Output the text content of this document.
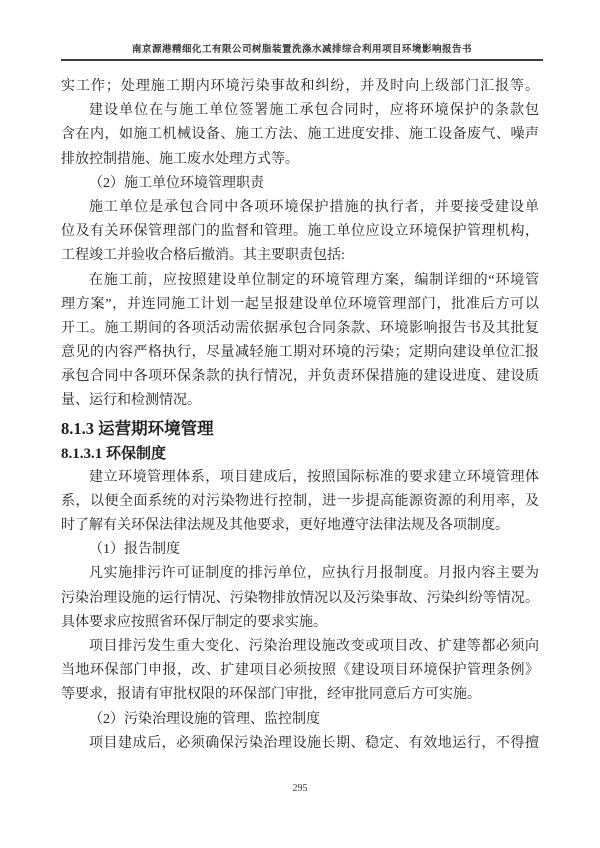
南京源港精细化工有限公司树脂装置洗涤水减排综合利用项目环境影响报告书
实工作；处理施工期内环境污染事故和纠纷，并及时向上级部门汇报等。
建设单位在与施工单位签署施工承包合同时，应将环境保护的条款包
含在内，如施工机械设备、施工方法、施工进度安排、施工设备废气、噪声
排放控制措施、施工废水处理方式等。
（2）施工单位环境管理职责
施工单位是承包合同中各项环境保护措施的执行者，并要接受建设单
位及有关环保管理部门的监督和管理。施工单位应设立环境保护管理机构，
工程竣工并验收合格后撤消。其主要职责包括:
在施工前，应按照建设单位制定的环境管理方案，编制详细的“环境管
理方案”，并连同施工计划一起呈报建设单位环境管理部门，批准后方可以
开工。施工期间的各项活动需依据承包合同条款、环境影响报告书及其批复
意见的内容严格执行，尽量减轻施工期对环境的污染；定期向建设单位汇报
承包合同中各项环保条款的执行情况，并负责环保措施的建设进度、建设质
量、运行和检测情况。
8.1.3 运营期环境管理
8.1.3.1 环保制度
建立环境管理体系，项目建成后，按照国际标准的要求建立环境管理体
系，以便全面系统的对污染物进行控制，进一步提高能源资源的利用率，及
时了解有关环保法律法规及其他要求，更好地遵守法律法规及各项制度。
（1）报告制度
凡实施排污许可证制度的排污单位，应执行月报制度。月报内容主要为
污染治理设施的运行情况、污染物排放情况以及污染事故、污染纠纷等情况。
具体要求应按照省环保厅制定的要求实施。
项目排污发生重大变化、污染治理设施改变或项目改、扩建等都必须向
当地环保部门申报，改、扩建项目必须按照《建设项目环境保护管理条例》
等要求，报请有审批权限的环保部门审批，经审批同意后方可实施。
（2）污染治理设施的管理、监控制度
项目建成后，必须确保污染治理设施长期、稳定、有效地运行，不得擅
295
